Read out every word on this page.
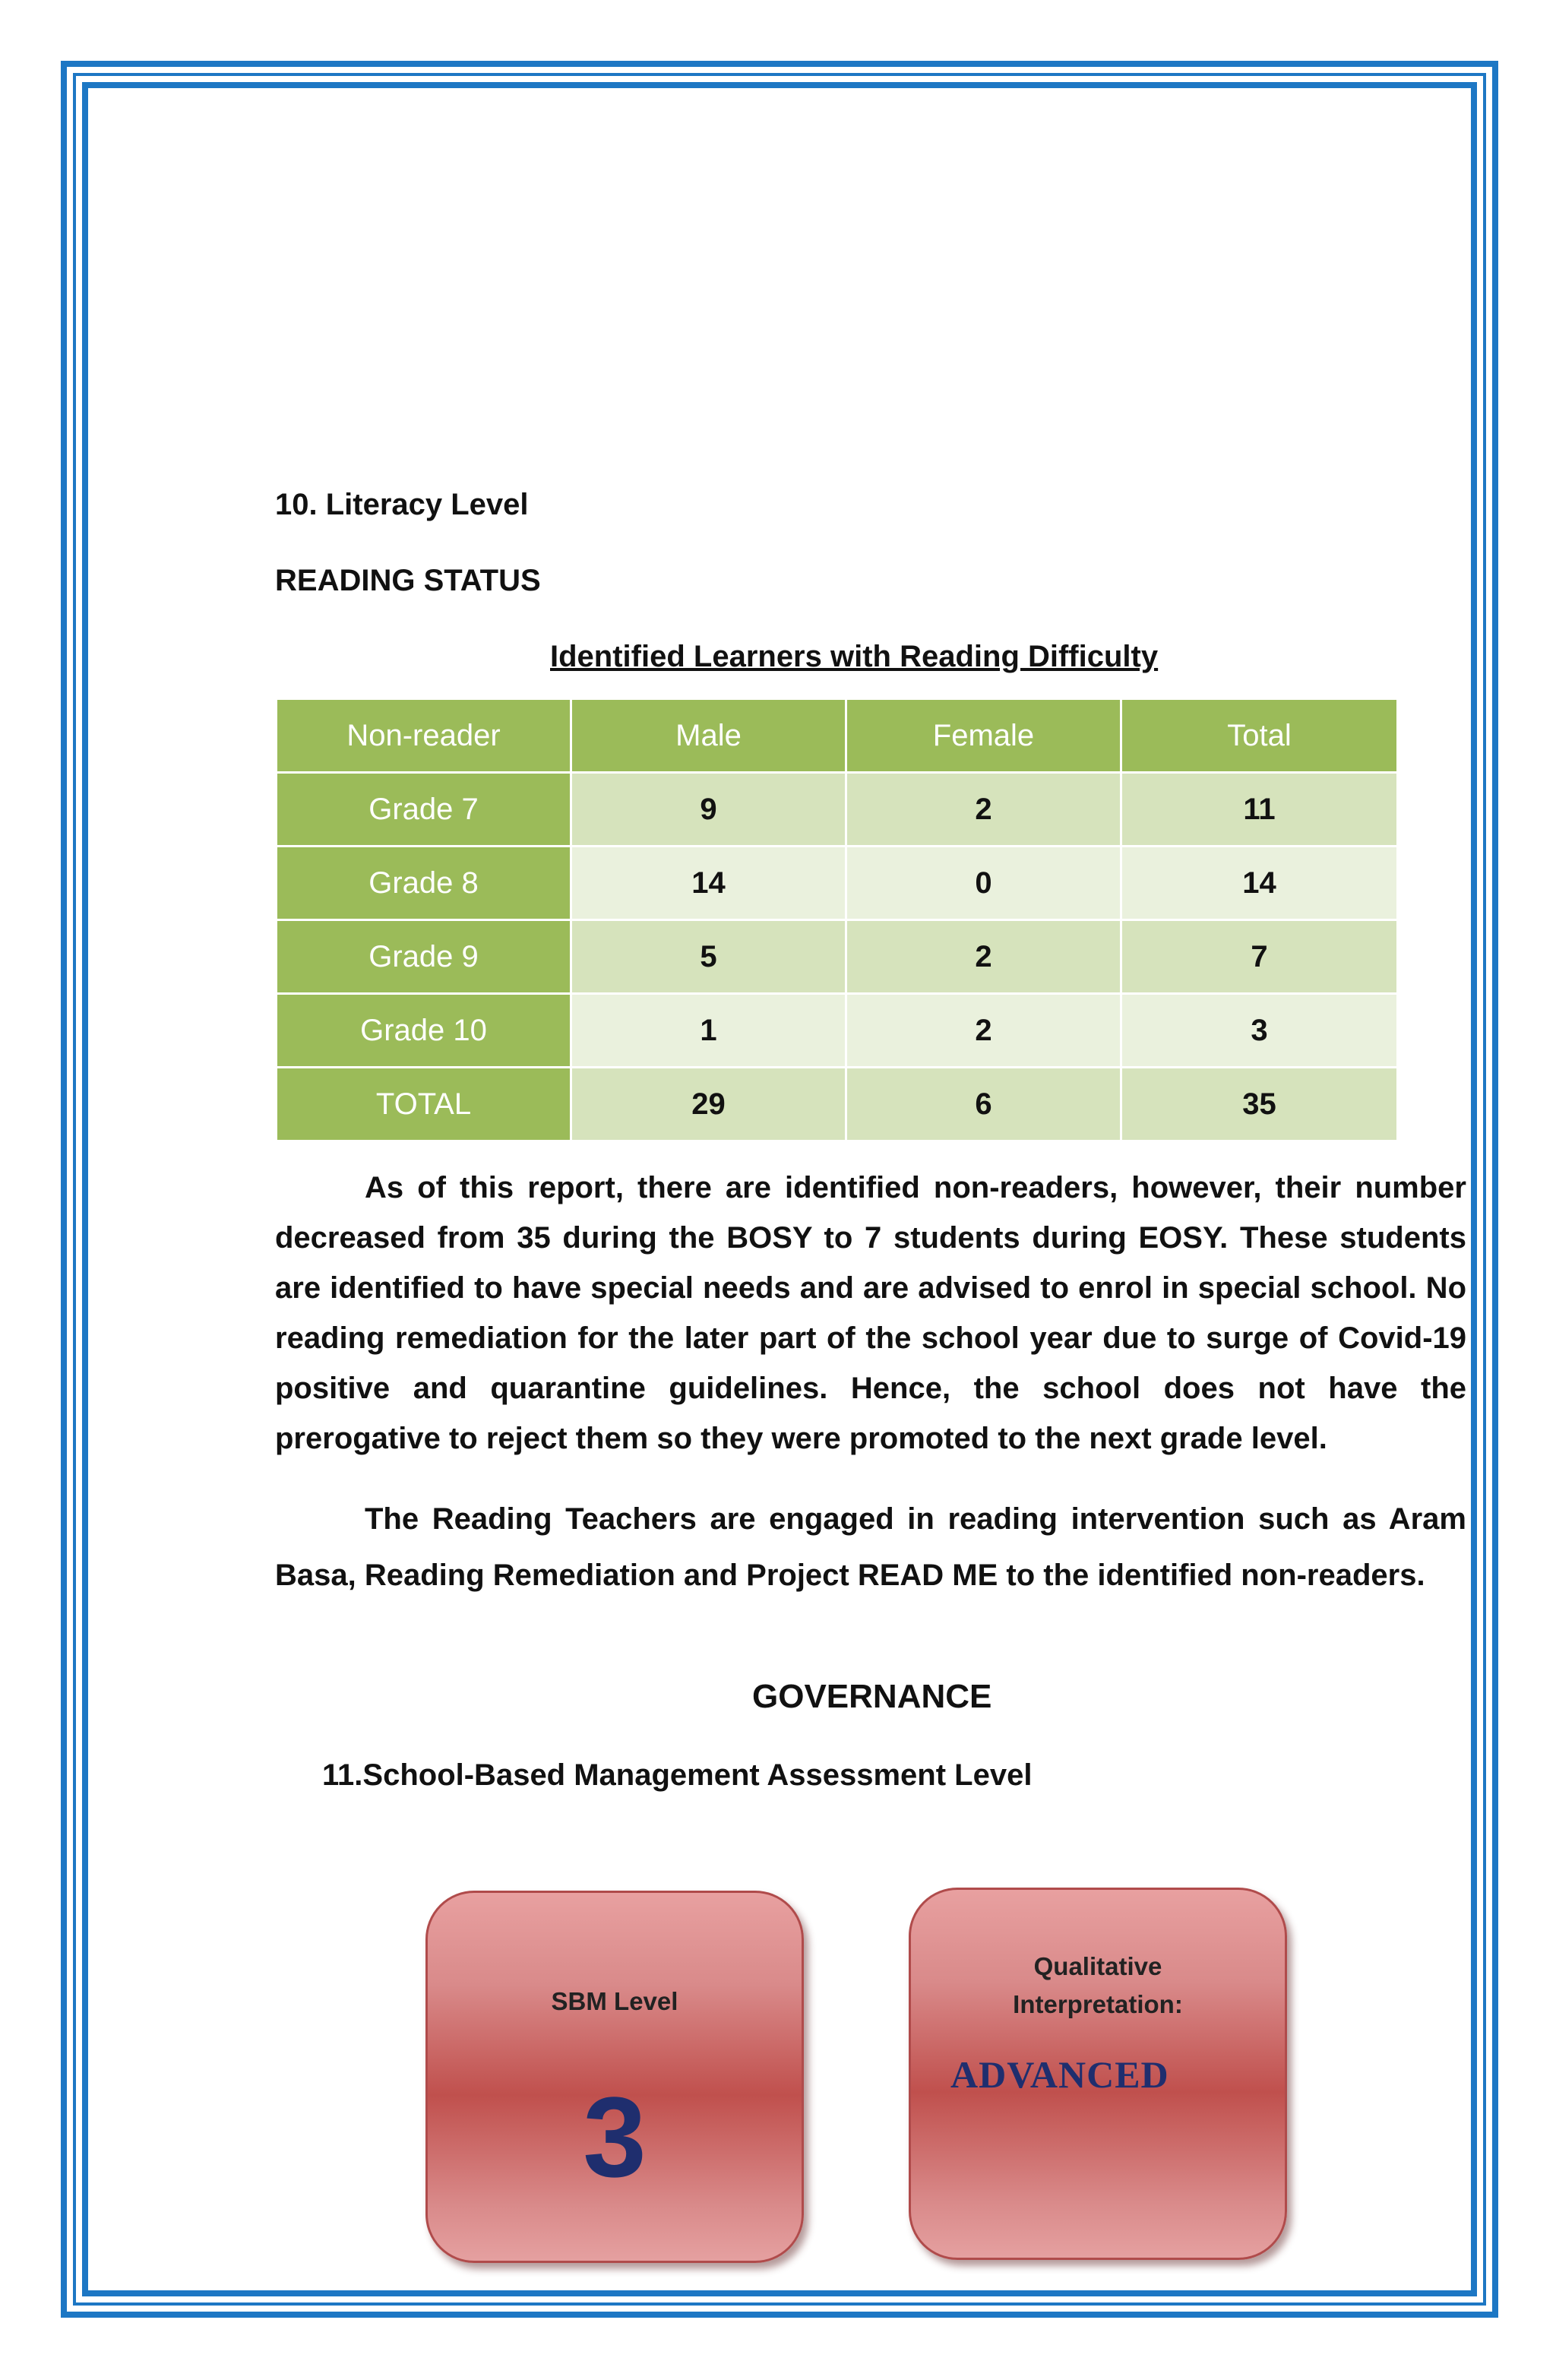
10. Literacy Level
READING STATUS
Identified Learners with Reading Difficulty
Non-reader	Male	Female	Total
Grade 7	9	2	11
Grade 8	14	0	14
Grade 9	5	2	7
Grade 10	1	2	3
TOTAL	29	6	35

As of this report, there are identified non-readers, however, their number decreased from 35 during the BOSY to 7 students during EOSY. These students are identified to have special needs and are advised to enrol in special school. No reading remediation for the later part of the school year due to surge of Covid-19 positive and quarantine guidelines. Hence, the school does not have the prerogative to reject them so they were promoted to the next grade level.

The Reading Teachers are engaged in reading intervention such as Aram Basa, Reading Remediation and Project READ ME to the identified non-readers.

GOVERNANCE
11.School-Based Management Assessment Level
SBM Level
3
Qualitative
Interpretation:
ADVANCED
